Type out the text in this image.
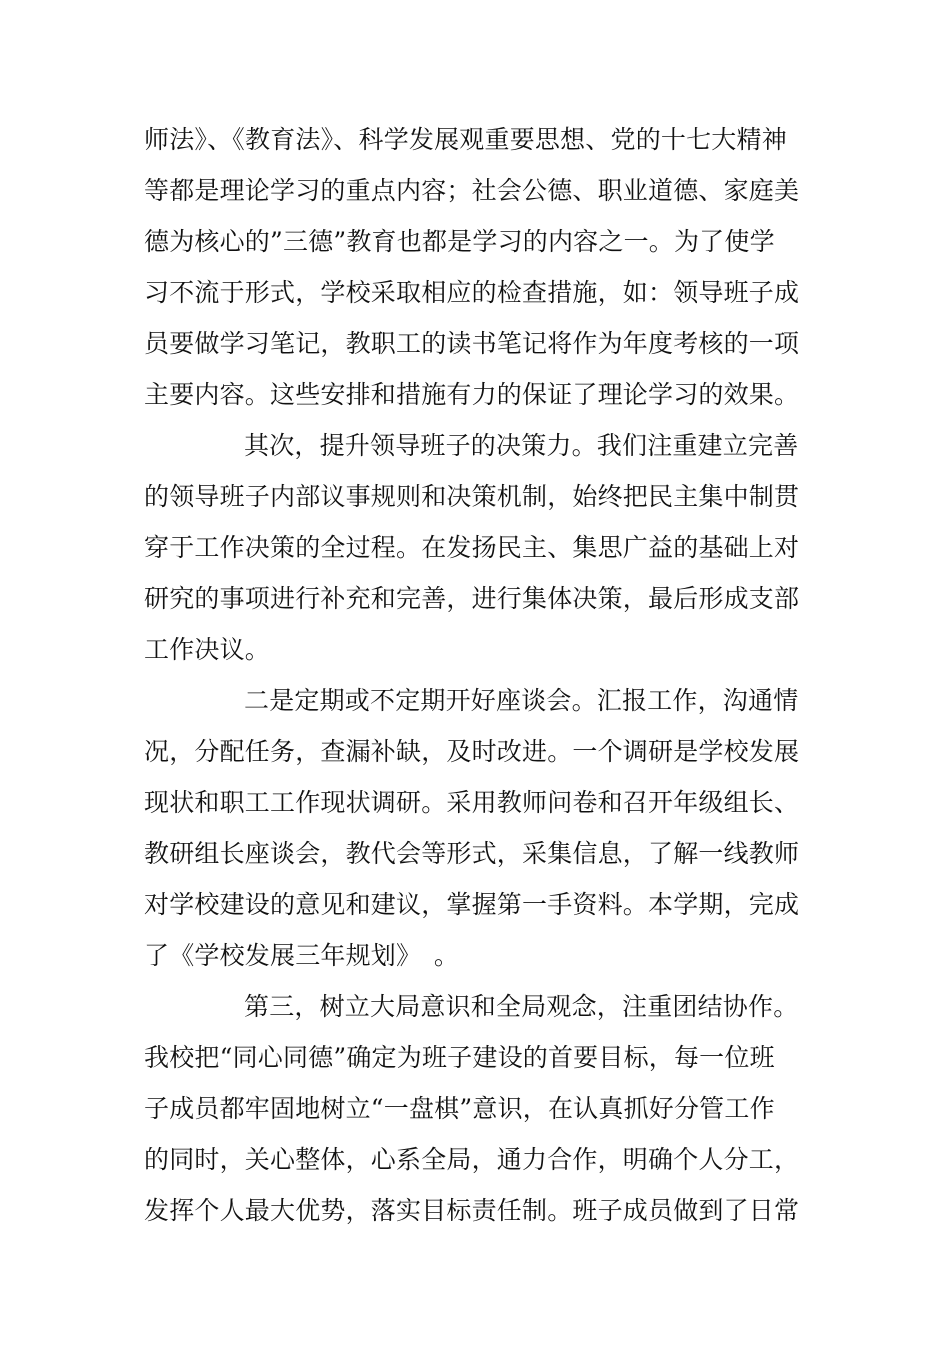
师法》、《教育法》、科学发展观重要思想、党的十七大精神
等都是理论学习的重点内容；社会公德、职业道德、家庭美
德为核心的”三德”教育也都是学习的内容之一。为了使学
习不流于形式，学校采取相应的检查措施，如：领导班子成
员要做学习笔记，教职工的读书笔记将作为年度考核的一项
主要内容。这些安排和措施有力的保证了理论学习的效果。
其次，提升领导班子的决策力。我们注重建立完善
的领导班子内部议事规则和决策机制，始终把民主集中制贯
穿于工作决策的全过程。在发扬民主、集思广益的基础上对
研究的事项进行补充和完善，进行集体决策，最后形成支部
工作决议。
二是定期或不定期开好座谈会。汇报工作，沟通情
况，分配任务，查漏补缺，及时改进。一个调研是学校发展
现状和职工工作现状调研。采用教师问卷和召开年级组长、
教研组长座谈会，教代会等形式，采集信息，了解一线教师
对学校建设的意见和建议，掌握第一手资料。本学期，完成
了《学校发展三年规划》　。
第三，树立大局意识和全局观念，注重团结协作。
我校把“同心同德”确定为班子建设的首要目标，每一位班
子成员都牢固地树立“一盘棋”意识，在认真抓好分管工作
的同时，关心整体，心系全局，通力合作，明确个人分工，
发挥个人最大优势，落实目标责任制。班子成员做到了日常
